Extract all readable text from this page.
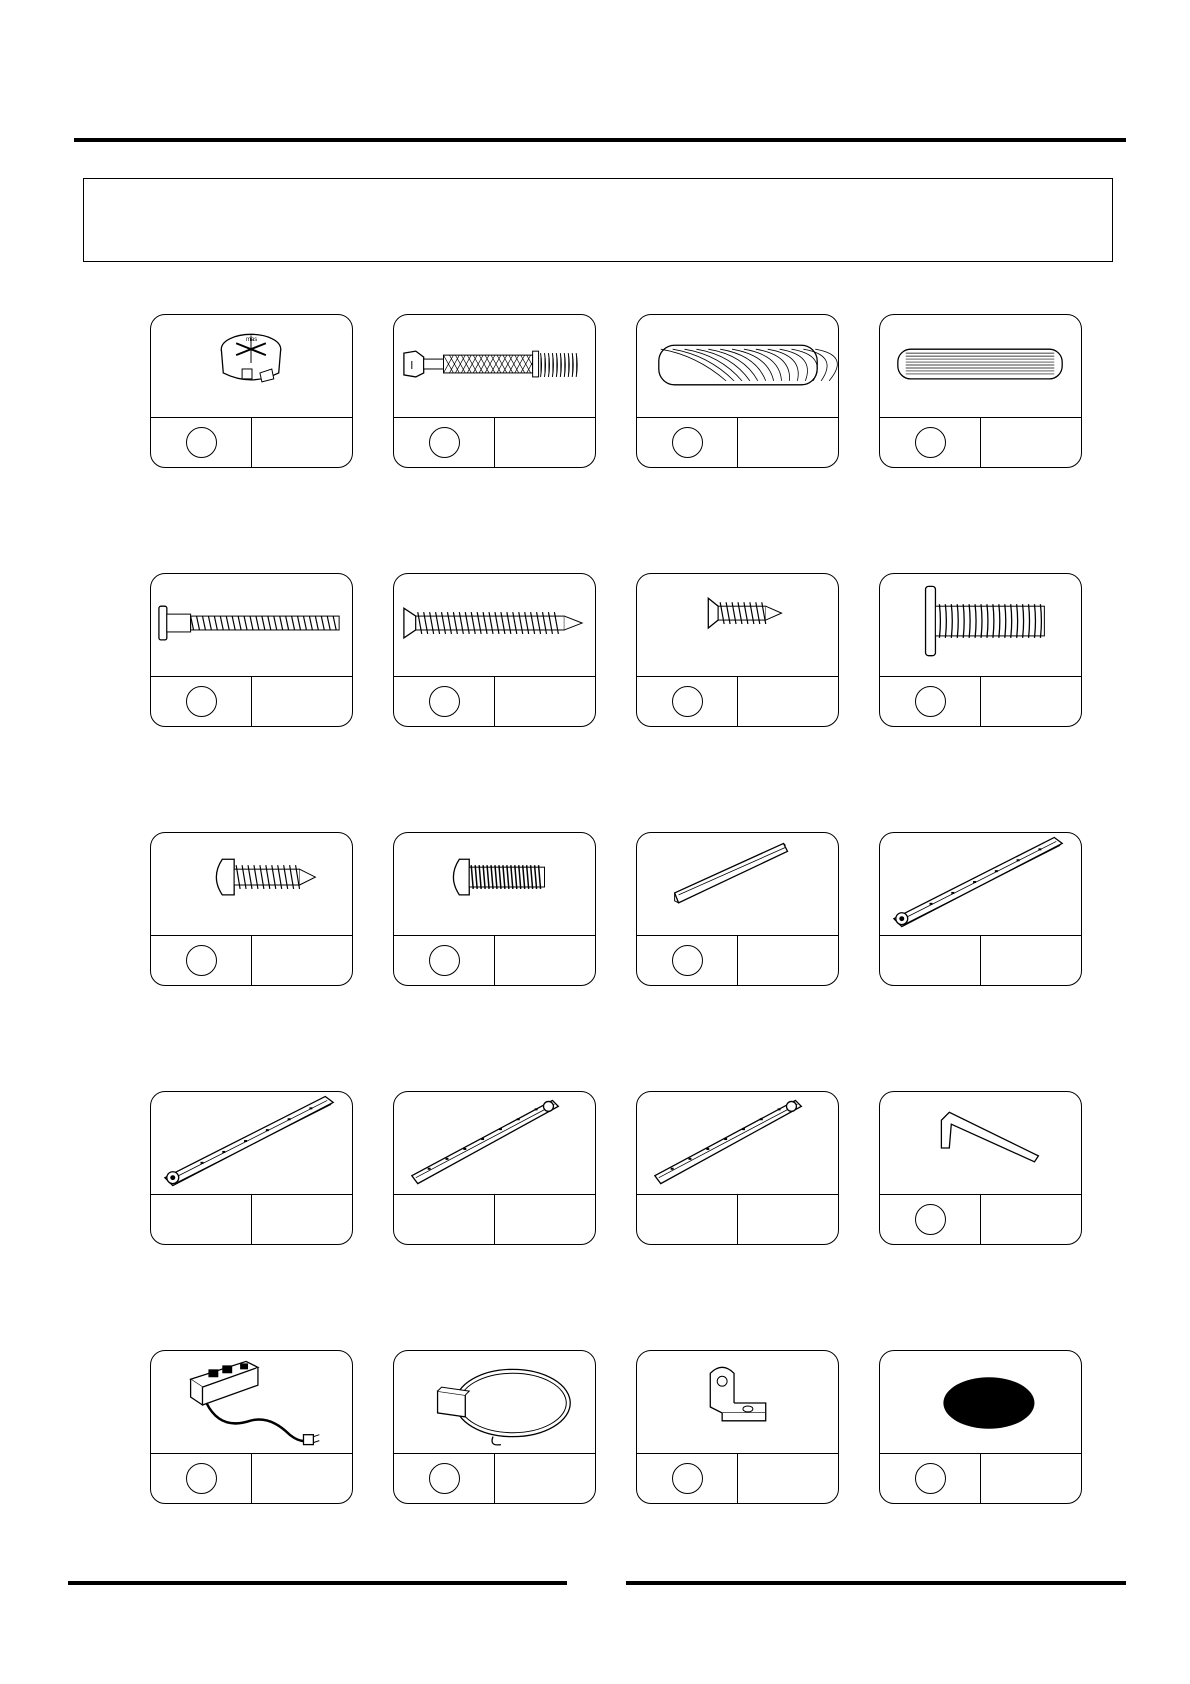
mas
